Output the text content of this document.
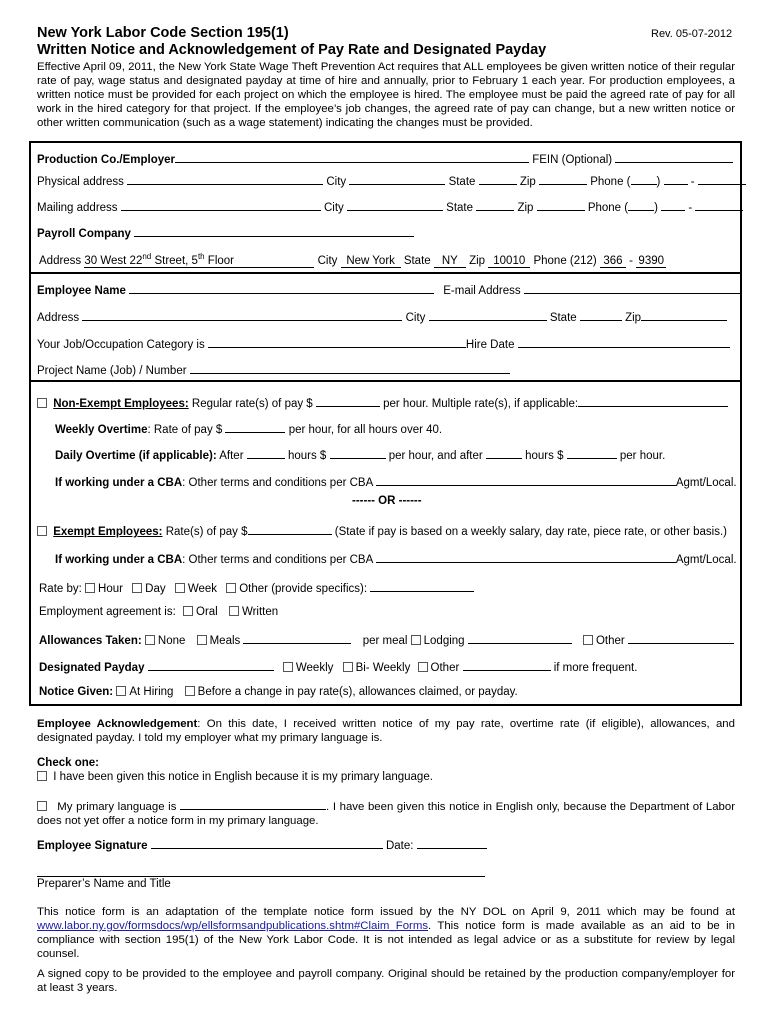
New York Labor Code Section 195(1)	Rev. 05-07-2012
Written Notice and Acknowledgement of Pay Rate and Designated Payday
Effective April 09, 2011, the New York State Wage Theft Prevention Act requires that ALL employees be given written notice of their regular rate of pay, wage status and designated payday at time of hire and annually, prior to February 1 each year. For production employees, a written notice must be provided for each project on which the employee is hired. The employee must be paid the agreed rate of pay for all work in the hired category for that project. If the employee’s job changes, the agreed rate of pay can change, but a new written notice or other written communication (such as a wage statement) indicating the changes must be provided.
Production Co./Employer	FEIN (Optional)
Physical address	City	State	Zip	Phone ( )	-
Mailing address	City	State	Zip	Phone ( )	-
Payroll Company
Address 30 West 22nd Street, 5th Floor	City New York State NY Zip 10010 Phone (212) 366 - 9390
Employee Name	E-mail Address
Address	City	State	Zip
Your Job/Occupation Category is	Hire Date
Project Name (Job) / Number
Non-Exempt Employees: Regular rate(s) of pay $	per hour. Multiple rate(s), if applicable:
Weekly Overtime: Rate of pay $	per hour, for all hours over 40.
Daily Overtime (if applicable): After	hours $	per hour, and after	hours $	per hour.
If working under a CBA: Other terms and conditions per CBA	Agmt/Local.
------ OR ------
Exempt Employees: Rate(s) of pay $	(State if pay is based on a weekly salary, day rate, piece rate, or other basis.)
If working under a CBA: Other terms and conditions per CBA	Agmt/Local.
Rate by: Hour Day Week Other (provide specifics):
Employment agreement is: Oral Written
Allowances Taken: None Meals	per meal Lodging	Other
Designated Payday	Weekly Bi- Weekly Other	if more frequent.
Notice Given: At Hiring Before a change in pay rate(s), allowances claimed, or payday.
Employee Acknowledgement: On this date, I received written notice of my pay rate, overtime rate (if eligible), allowances, and designated payday. I told my employer what my primary language is.
Check one:
I have been given this notice in English because it is my primary language.
My primary language is	. I have been given this notice in English only, because the Department of Labor does not yet offer a notice form in my primary language.
Employee Signature	Date:
Preparer’s Name and Title
This notice form is an adaptation of the template notice form issued by the NY DOL on April 9, 2011 which may be found at www.labor.ny.gov/formsdocs/wp/ellsformsandpublications.shtm#Claim_Forms. This notice form is made available as an aid to be in compliance with section 195(1) of the New York Labor Code. It is not intended as legal advice or as a substitute for review by legal counsel.
A signed copy to be provided to the employee and payroll company. Original should be retained by the production company/employer for at least 3 years.
